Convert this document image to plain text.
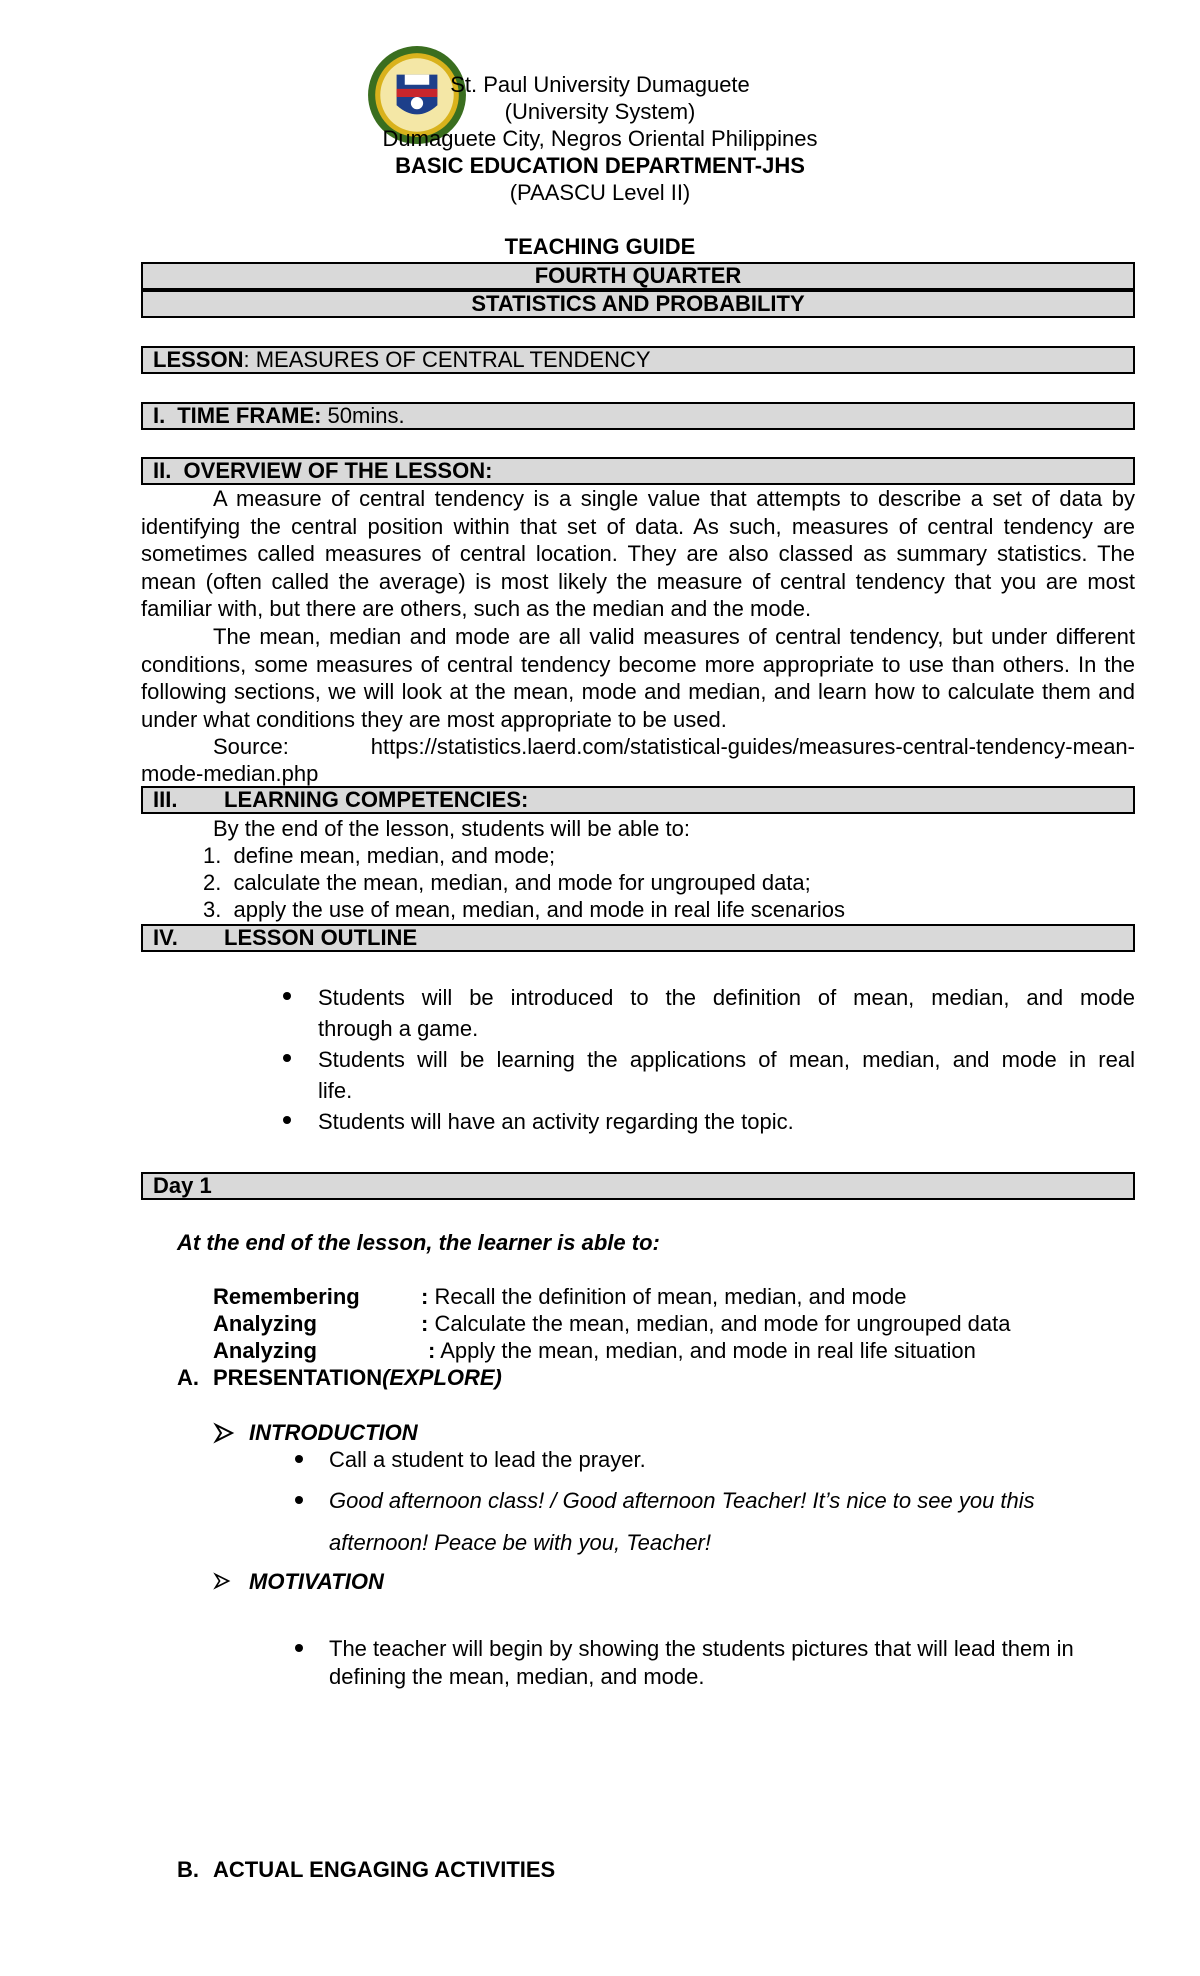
St. Paul University Dumaguete
(University System)
Dumaguete City, Negros Oriental Philippines
BASIC EDUCATION DEPARTMENT-JHS
(PAASCU Level II)
TEACHING GUIDE
FOURTH QUARTER
STATISTICS AND PROBABILITY
LESSON: MEASURES OF CENTRAL TENDENCY
I. TIME FRAME: 50mins.
II.  OVERVIEW OF THE LESSON:
A measure of central tendency is a single value that attempts to describe a set of data by identifying the central position within that set of data. As such, measures of central tendency are sometimes called measures of central location. They are also classed as summary statistics. The mean (often called the average) is most likely the measure of central tendency that you are most familiar with, but there are others, such as the median and the mode.
The mean, median and mode are all valid measures of central tendency, but under different conditions, some measures of central tendency become more appropriate to use than others. In the following sections, we will look at the mean, mode and median, and learn how to calculate them and under what conditions they are most appropriate to be used.
Source:	https://statistics.laerd.com/statistical-guides/measures-central-tendency-mean-
mode-median.php
III. LEARNING COMPETENCIES:
By the end of the lesson, students will be able to:
1. define mean, median, and mode;
2. calculate the mean, median, and mode for ungrouped data;
3. apply the use of mean, median, and mode in real life scenarios
IV. LESSON OUTLINE
Students will be introduced to the definition of mean, median, and mode
through a game.
Students will be learning the applications of mean, median, and mode in real
life.
Students will have an activity regarding the topic.
Day 1
At the end of the lesson, the learner is able to:
Remembering	: Recall the definition of mean, median, and mode
Analyzing	: Calculate the mean, median, and mode for ungrouped data
Analyzing	: Apply the mean, median, and mode in real life situation
A. PRESENTATION(EXPLORE)
INTRODUCTION
Call a student to lead the prayer.
Good afternoon class! / Good afternoon Teacher! It’s nice to see you this
afternoon! Peace be with you, Teacher!
MOTIVATION
The teacher will begin by showing the students pictures that will lead them in
defining the mean, median, and mode.
B. ACTUAL ENGAGING ACTIVITIES
